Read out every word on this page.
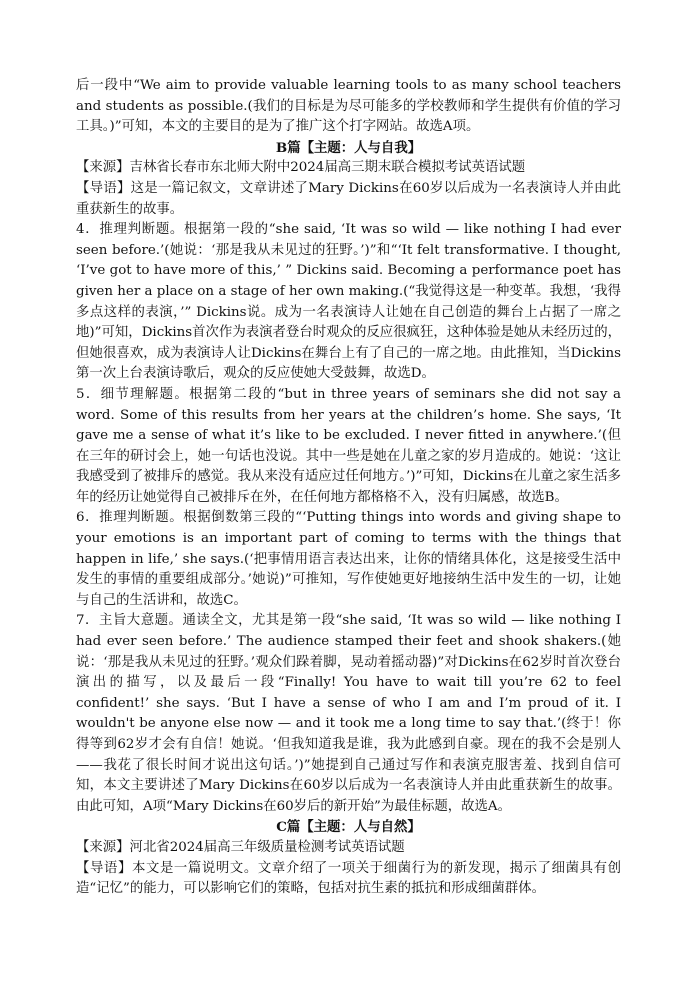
后一段中“We aim to provide valuable learning tools to as many school teachers and students as possible.(我们的目标是为尽可能多的学校教师和学生提供有价值的学习工具。)”可知，本文的主要目的是为了推广这个打字网站。故选A项。

B篇【主题：人与自我】

【来源】吉林省长春市东北师大附中2024届高三期末联合模拟考试英语试题

【导语】这是一篇记叙文，文章讲述了Mary Dickins在60岁以后成为一名表演诗人并由此重获新生的故事。

4．推理判断题。根据第一段的“she said, ‘It was so wild — like nothing I had ever seen before.’(她说：‘那是我从未见过的狂野。’)”和“‘It felt transformative. I thought, ‘I’ve got to have more of this,’ ” Dickins said. Becoming a performance poet has given her a place on a stage of her own making.(“我觉得这是一种变革。我想，‘我得多点这样的表演，’” Dickins说。成为一名表演诗人让她在自己创造的舞台上占据了一席之地)”可知，Dickins首次作为表演者登台时观众的反应很疯狂，这种体验是她从未经历过的，但她很喜欢，成为表演诗人让Dickins在舞台上有了自己的一席之地。由此推知，当Dickins第一次上台表演诗歌后，观众的反应使她大受鼓舞，故选D。

5．细节理解题。根据第二段的“but in three years of seminars she did not say a word. Some of this results from her years at the children’s home. She says, ‘It gave me a sense of what it’s like to be excluded. I never fitted in anywhere.’(但在三年的研讨会上，她一句话也没说。其中一些是她在儿童之家的岁月造成的。她说：‘这让我感受到了被排斥的感觉。我从来没有适应过任何地方。’)”可知，Dickins在儿童之家生活多年的经历让她觉得自己被排斥在外，在任何地方都格格不入，没有归属感，故选B。

6．推理判断题。根据倒数第三段的“‘Putting things into words and giving shape to your emotions is an important part of coming to terms with the things that happen in life,’ she says.(‘把事情用语言表达出来，让你的情绪具体化，这是接受生活中发生的事情的重要组成部分。’她说)”可推知，写作使她更好地接纳生活中发生的一切，让她与自己的生活讲和，故选C。

7．主旨大意题。通读全文，尤其是第一段“she said, ‘It was so wild — like nothing I had ever seen before.’ The audience stamped their feet and shook shakers.(她说：‘那是我从未见过的狂野。’观众们跺着脚，晃动着摇动器)”对Dickins在62岁时首次登台演出的描写，以及最后一段“Finally! You have to wait till you’re 62 to feel confident!’ she says. ‘But I have a sense of who I am and I’m proud of it. I wouldn't be anyone else now — and it took me a long time to say that.’(终于！你得等到62岁才会有自信！她说。‘但我知道我是谁，我为此感到自豪。现在的我不会是别人——我花了很长时间才说出这句话。’)”她提到自己通过写作和表演克服害羞、找到自信可知，本文主要讲述了Mary Dickins在60岁以后成为一名表演诗人并由此重获新生的故事。由此可知，A项“Mary Dickins在60岁后的新开始”为最佳标题，故选A。

C篇【主题：人与自然】

【来源】河北省2024届高三年级质量检测考试英语试题

【导语】本文是一篇说明文。文章介绍了一项关于细菌行为的新发现，揭示了细菌具有创造“记忆”的能力，可以影响它们的策略，包括对抗生素的抵抗和形成细菌群体。
